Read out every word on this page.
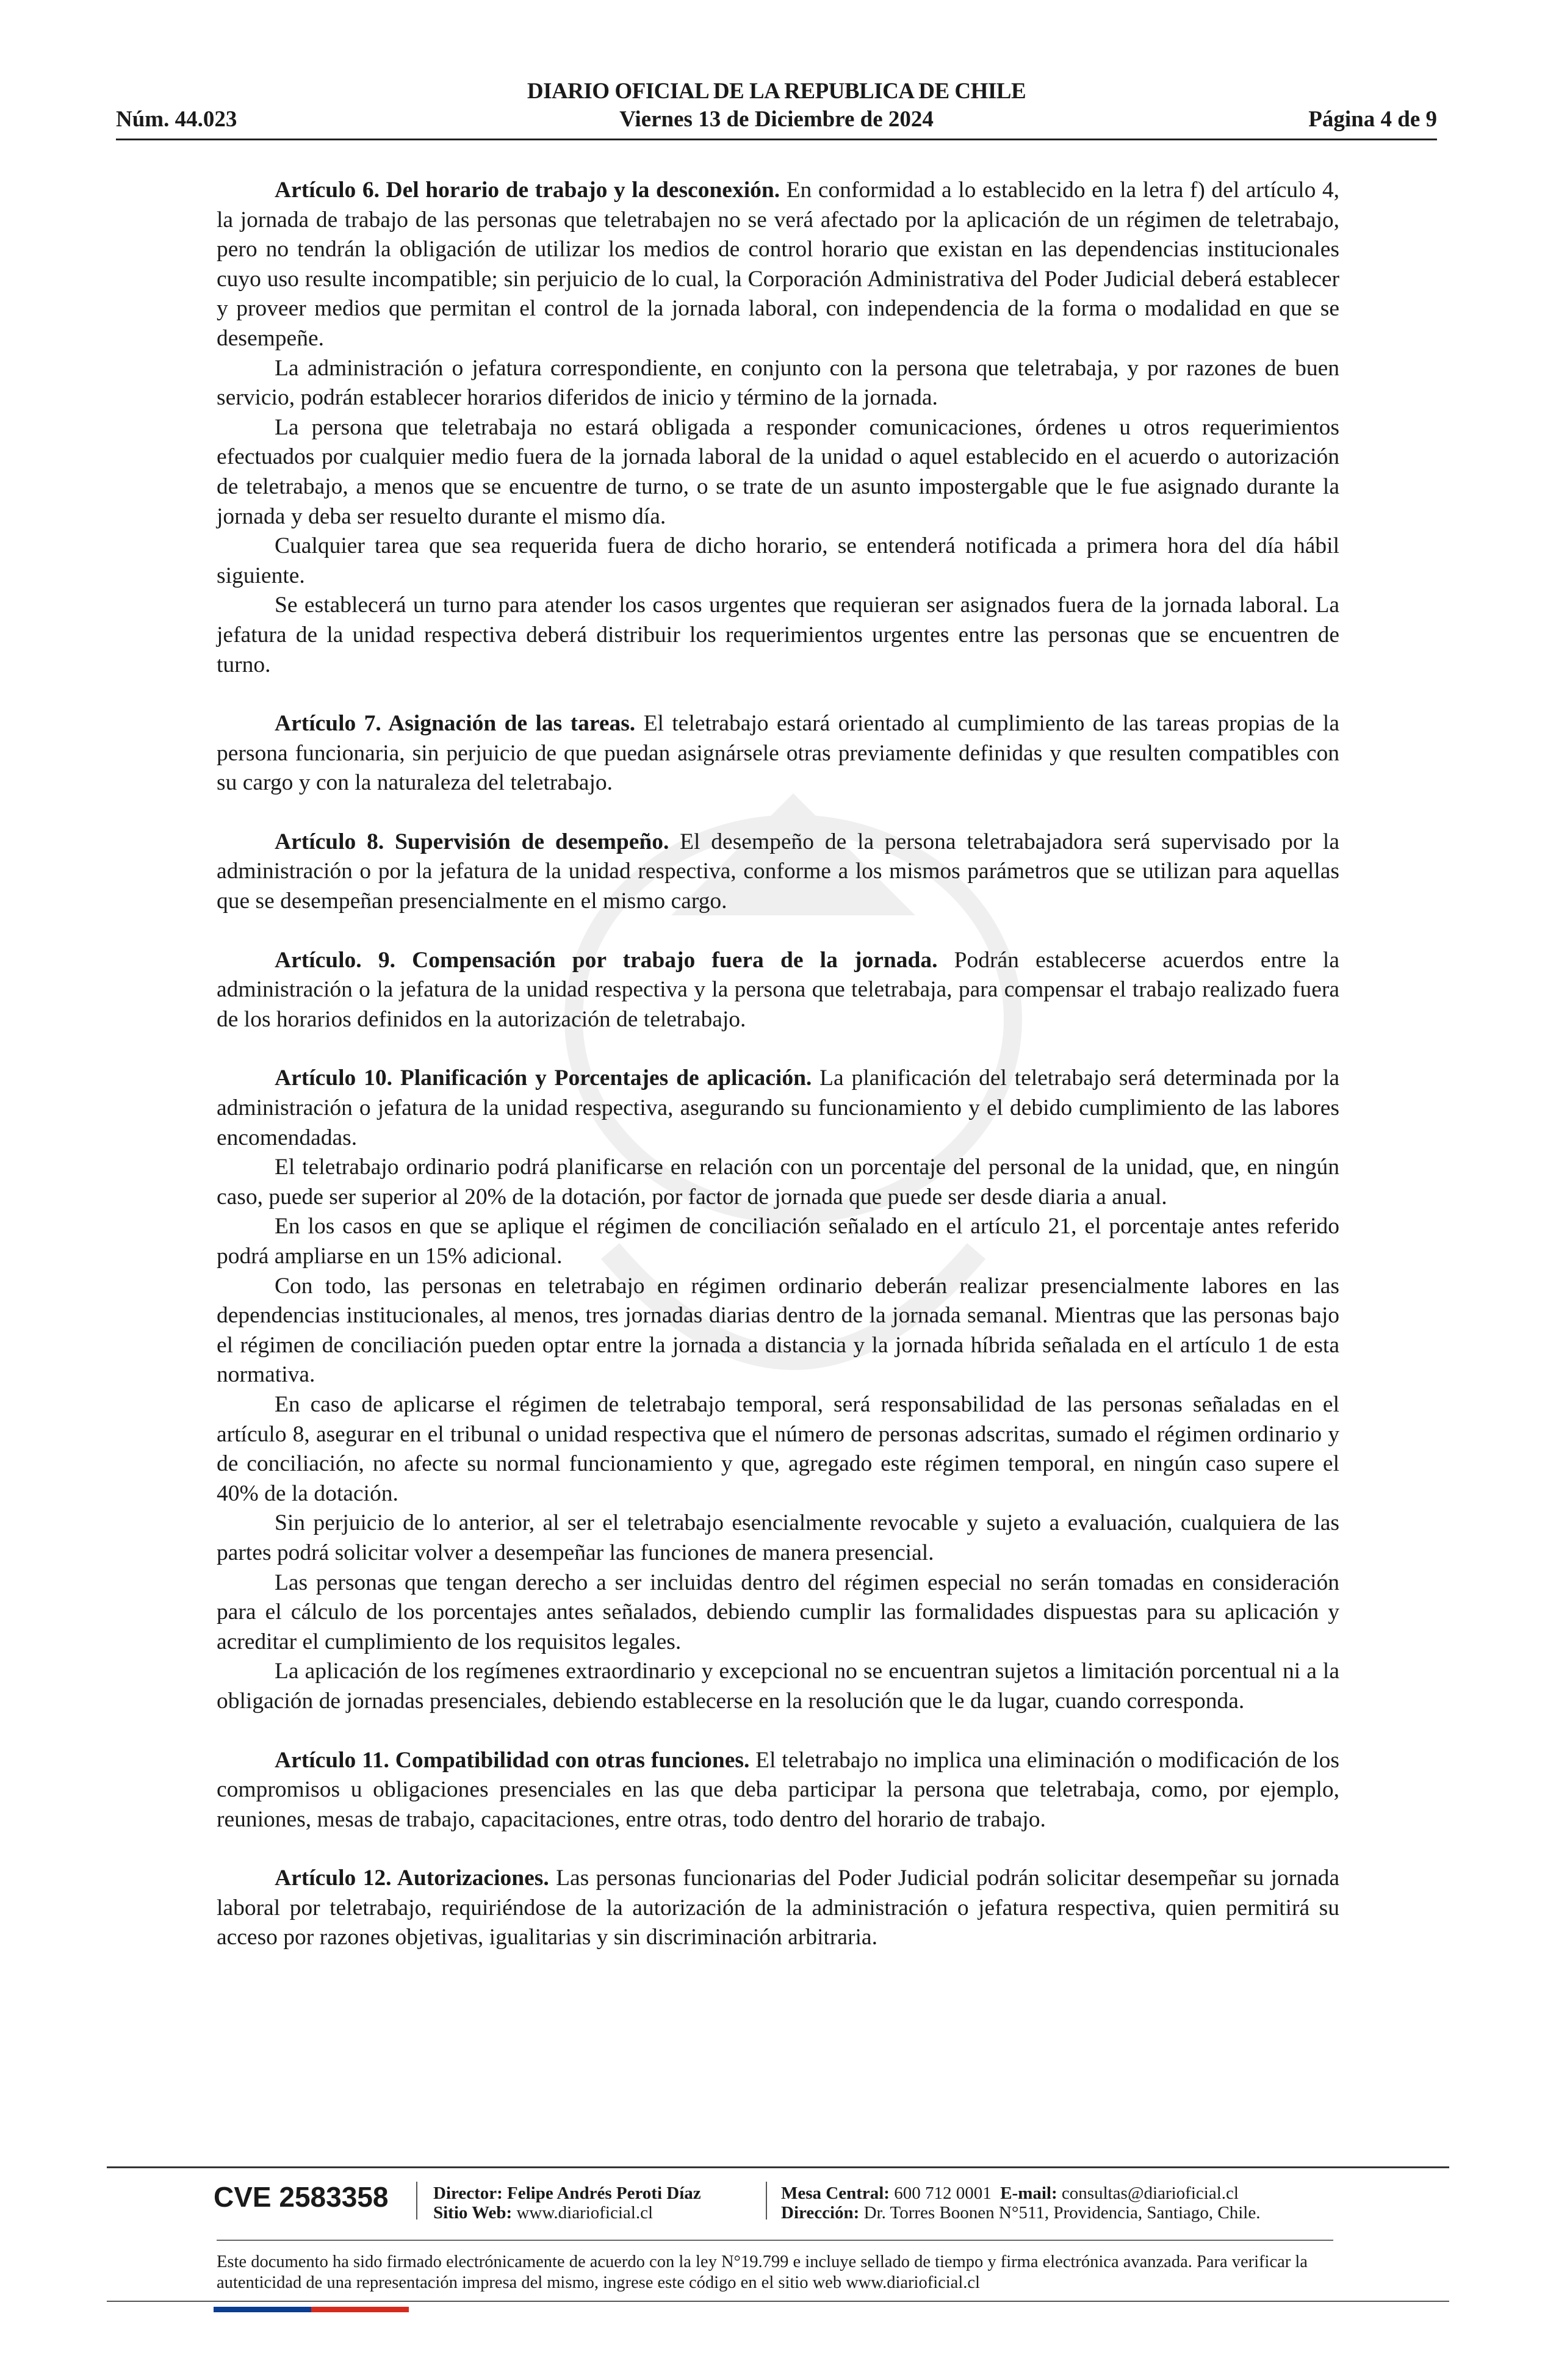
DIARIO OFICIAL DE LA REPUBLICA DE CHILE
Núm. 44.023	Viernes 13 de Diciembre de 2024	Página 4 de 9

Artículo 6. Del horario de trabajo y la desconexión. En conformidad a lo establecido en la letra f) del artículo 4, la jornada de trabajo de las personas que teletrabajen no se verá afectado por la aplicación de un régimen de teletrabajo, pero no tendrán la obligación de utilizar los medios de control horario que existan en las dependencias institucionales cuyo uso resulte incompatible; sin perjuicio de lo cual, la Corporación Administrativa del Poder Judicial deberá establecer y proveer medios que permitan el control de la jornada laboral, con independencia de la forma o modalidad en que se desempeñe.

La administración o jefatura correspondiente, en conjunto con la persona que teletrabaja, y por razones de buen servicio, podrán establecer horarios diferidos de inicio y término de la jornada.

La persona que teletrabaja no estará obligada a responder comunicaciones, órdenes u otros requerimientos efectuados por cualquier medio fuera de la jornada laboral de la unidad o aquel establecido en el acuerdo o autorización de teletrabajo, a menos que se encuentre de turno, o se trate de un asunto impostergable que le fue asignado durante la jornada y deba ser resuelto durante el mismo día.

Cualquier tarea que sea requerida fuera de dicho horario, se entenderá notificada a primera hora del día hábil siguiente.

Se establecerá un turno para atender los casos urgentes que requieran ser asignados fuera de la jornada laboral. La jefatura de la unidad respectiva deberá distribuir los requerimientos urgentes entre las personas que se encuentren de turno.

Artículo 7. Asignación de las tareas. El teletrabajo estará orientado al cumplimiento de las tareas propias de la persona funcionaria, sin perjuicio de que puedan asignársele otras previamente definidas y que resulten compatibles con su cargo y con la naturaleza del teletrabajo.

Artículo 8. Supervisión de desempeño. El desempeño de la persona teletrabajadora será supervisado por la administración o por la jefatura de la unidad respectiva, conforme a los mismos parámetros que se utilizan para aquellas que se desempeñan presencialmente en el mismo cargo.

Artículo. 9. Compensación por trabajo fuera de la jornada. Podrán establecerse acuerdos entre la administración o la jefatura de la unidad respectiva y la persona que teletrabaja, para compensar el trabajo realizado fuera de los horarios definidos en la autorización de teletrabajo.

Artículo 10. Planificación y Porcentajes de aplicación. La planificación del teletrabajo será determinada por la administración o jefatura de la unidad respectiva, asegurando su funcionamiento y el debido cumplimiento de las labores encomendadas.

El teletrabajo ordinario podrá planificarse en relación con un porcentaje del personal de la unidad, que, en ningún caso, puede ser superior al 20% de la dotación, por factor de jornada que puede ser desde diaria a anual.

En los casos en que se aplique el régimen de conciliación señalado en el artículo 21, el porcentaje antes referido podrá ampliarse en un 15% adicional.

Con todo, las personas en teletrabajo en régimen ordinario deberán realizar presencialmente labores en las dependencias institucionales, al menos, tres jornadas diarias dentro de la jornada semanal. Mientras que las personas bajo el régimen de conciliación pueden optar entre la jornada a distancia y la jornada híbrida señalada en el artículo 1 de esta normativa.

En caso de aplicarse el régimen de teletrabajo temporal, será responsabilidad de las personas señaladas en el artículo 8, asegurar en el tribunal o unidad respectiva que el número de personas adscritas, sumado el régimen ordinario y de conciliación, no afecte su normal funcionamiento y que, agregado este régimen temporal, en ningún caso supere el 40% de la dotación.

Sin perjuicio de lo anterior, al ser el teletrabajo esencialmente revocable y sujeto a evaluación, cualquiera de las partes podrá solicitar volver a desempeñar las funciones de manera presencial.

Las personas que tengan derecho a ser incluidas dentro del régimen especial no serán tomadas en consideración para el cálculo de los porcentajes antes señalados, debiendo cumplir las formalidades dispuestas para su aplicación y acreditar el cumplimiento de los requisitos legales.

La aplicación de los regímenes extraordinario y excepcional no se encuentran sujetos a limitación porcentual ni a la obligación de jornadas presenciales, debiendo establecerse en la resolución que le da lugar, cuando corresponda.

Artículo 11. Compatibilidad con otras funciones. El teletrabajo no implica una eliminación o modificación de los compromisos u obligaciones presenciales en las que deba participar la persona que teletrabaja, como, por ejemplo, reuniones, mesas de trabajo, capacitaciones, entre otras, todo dentro del horario de trabajo.

Artículo 12. Autorizaciones. Las personas funcionarias del Poder Judicial podrán solicitar desempeñar su jornada laboral por teletrabajo, requiriéndose de la autorización de la administración o jefatura respectiva, quien permitirá su acceso por razones objetivas, igualitarias y sin discriminación arbitraria.

CVE 2583358	Director: Felipe Andrés Peroti Díaz
Sitio Web: www.diarioficial.cl
Mesa Central: 600 712 0001 E-mail: consultas@diarioficial.cl
Dirección: Dr. Torres Boonen N°511, Providencia, Santiago, Chile.
Este documento ha sido firmado electrónicamente de acuerdo con la ley N°19.799 e incluye sellado de tiempo y firma electrónica avanzada. Para verificar la autenticidad de una representación impresa del mismo, ingrese este código en el sitio web www.diarioficial.cl
